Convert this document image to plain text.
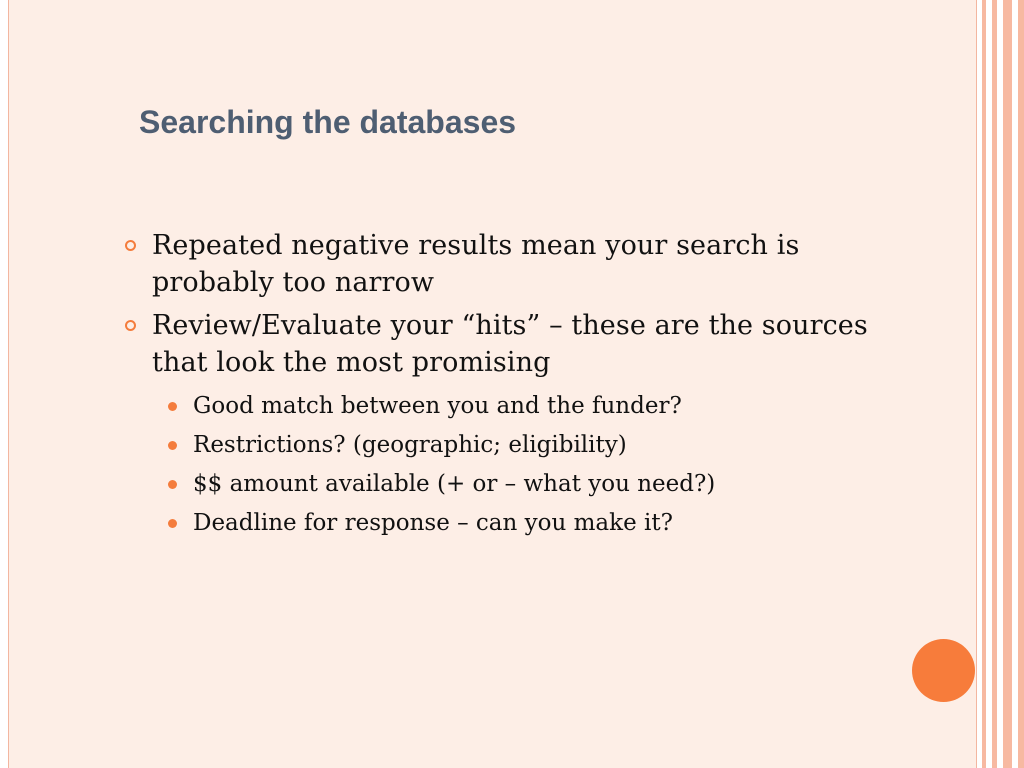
Searching the databases
Repeated negative results mean your search is probably too narrow
Review/Evaluate your “hits” – these are the sources that look the most promising
Good match between you and the funder?
Restrictions? (geographic; eligibility)
$$ amount available (+ or – what you need?)
Deadline for response – can you make it?
